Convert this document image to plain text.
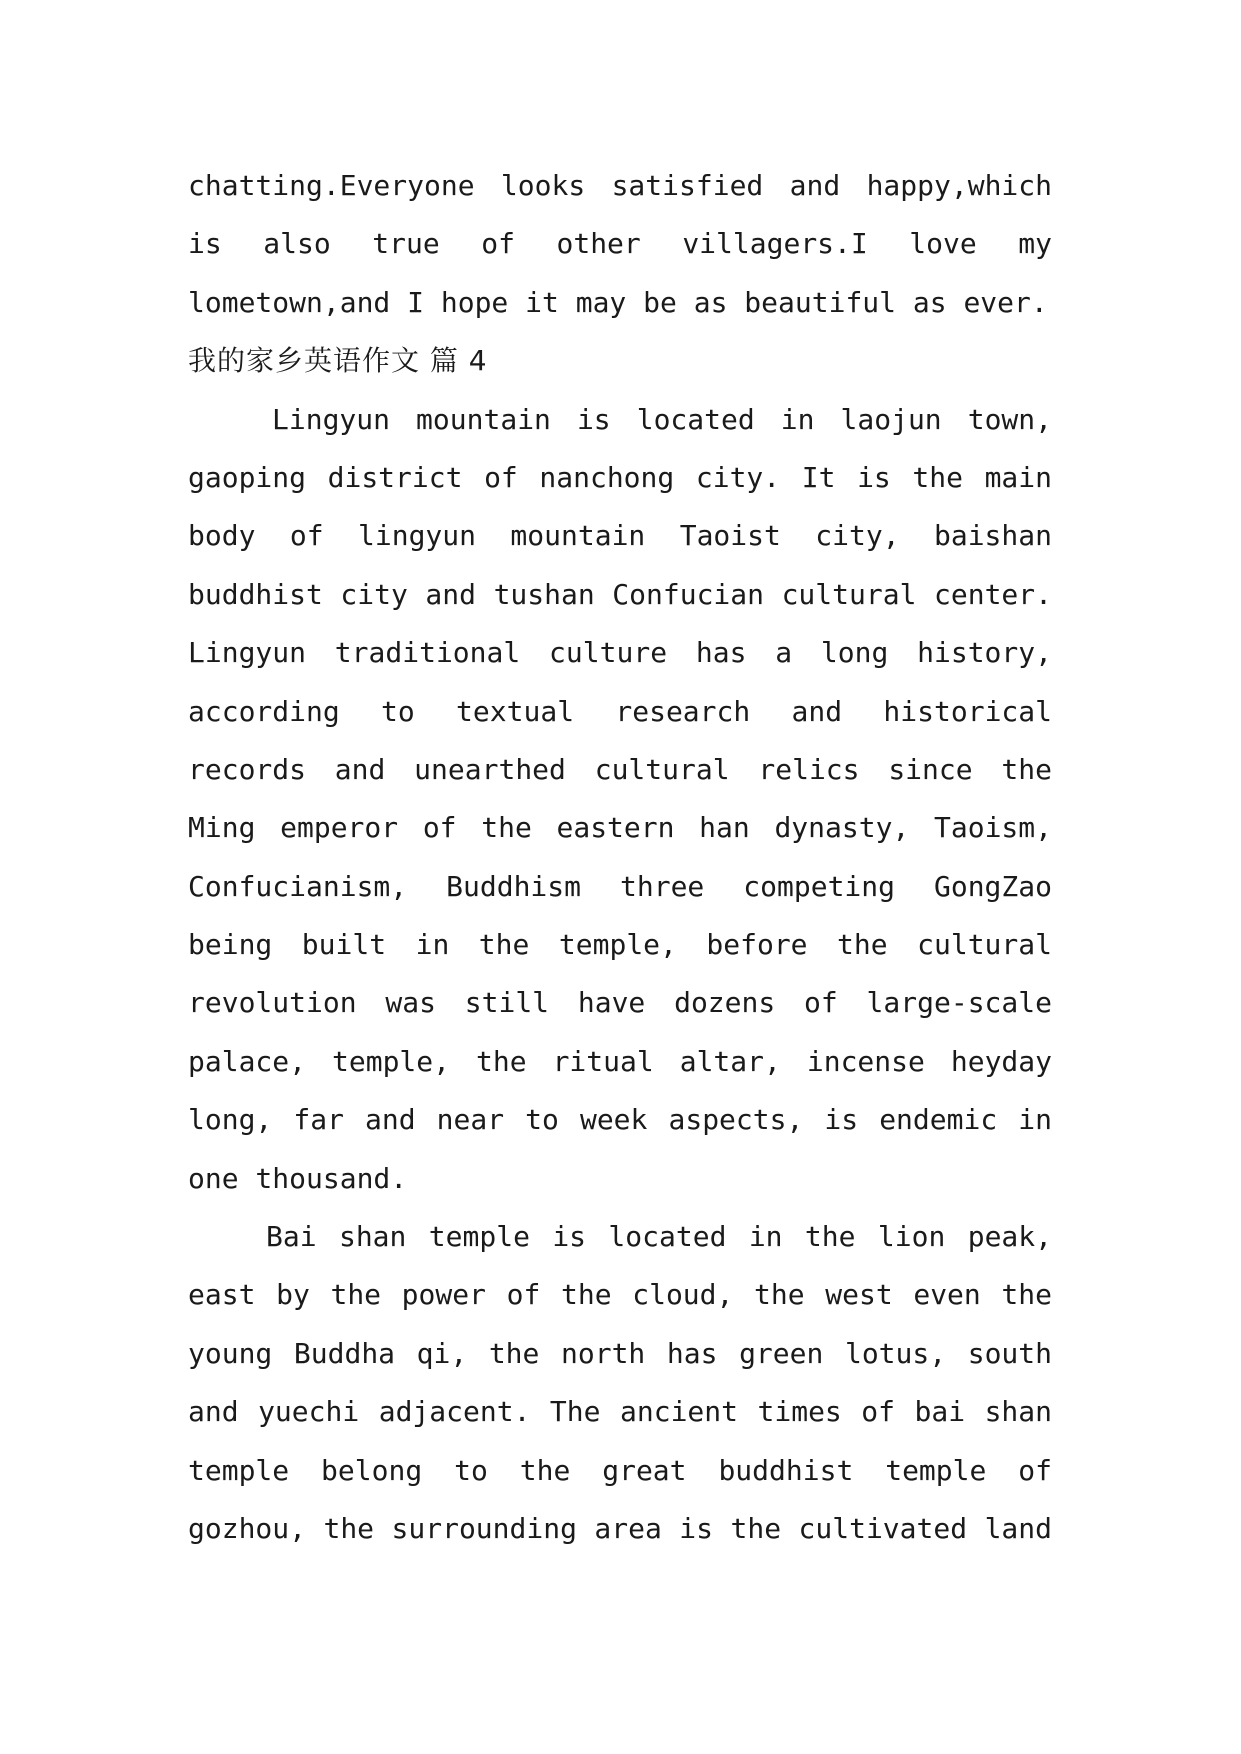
chatting.Everyone looks satisfied and happy,which
is also true of other villagers.I love my
lometown,and I hope it may be as beautiful as ever.
我的家乡英语作文 篇 4
Lingyun mountain is located in laojun town,
gaoping district of nanchong city. It is the main
body of lingyun mountain Taoist city, baishan
buddhist city and tushan Confucian cultural center.
Lingyun traditional culture has a long history,
according to textual research and historical
records and unearthed cultural relics since the
Ming emperor of the eastern han dynasty, Taoism,
Confucianism, Buddhism three competing GongZao
being built in the temple, before the cultural
revolution was still have dozens of large-scale
palace, temple, the ritual altar, incense heyday
long, far and near to week aspects, is endemic in
one thousand.
Bai shan temple is located in the lion peak,
east by the power of the cloud, the west even the
young Buddha qi, the north has green lotus, south
and yuechi adjacent. The ancient times of bai shan
temple belong to the great buddhist temple of
gozhou, the surrounding area is the cultivated land
